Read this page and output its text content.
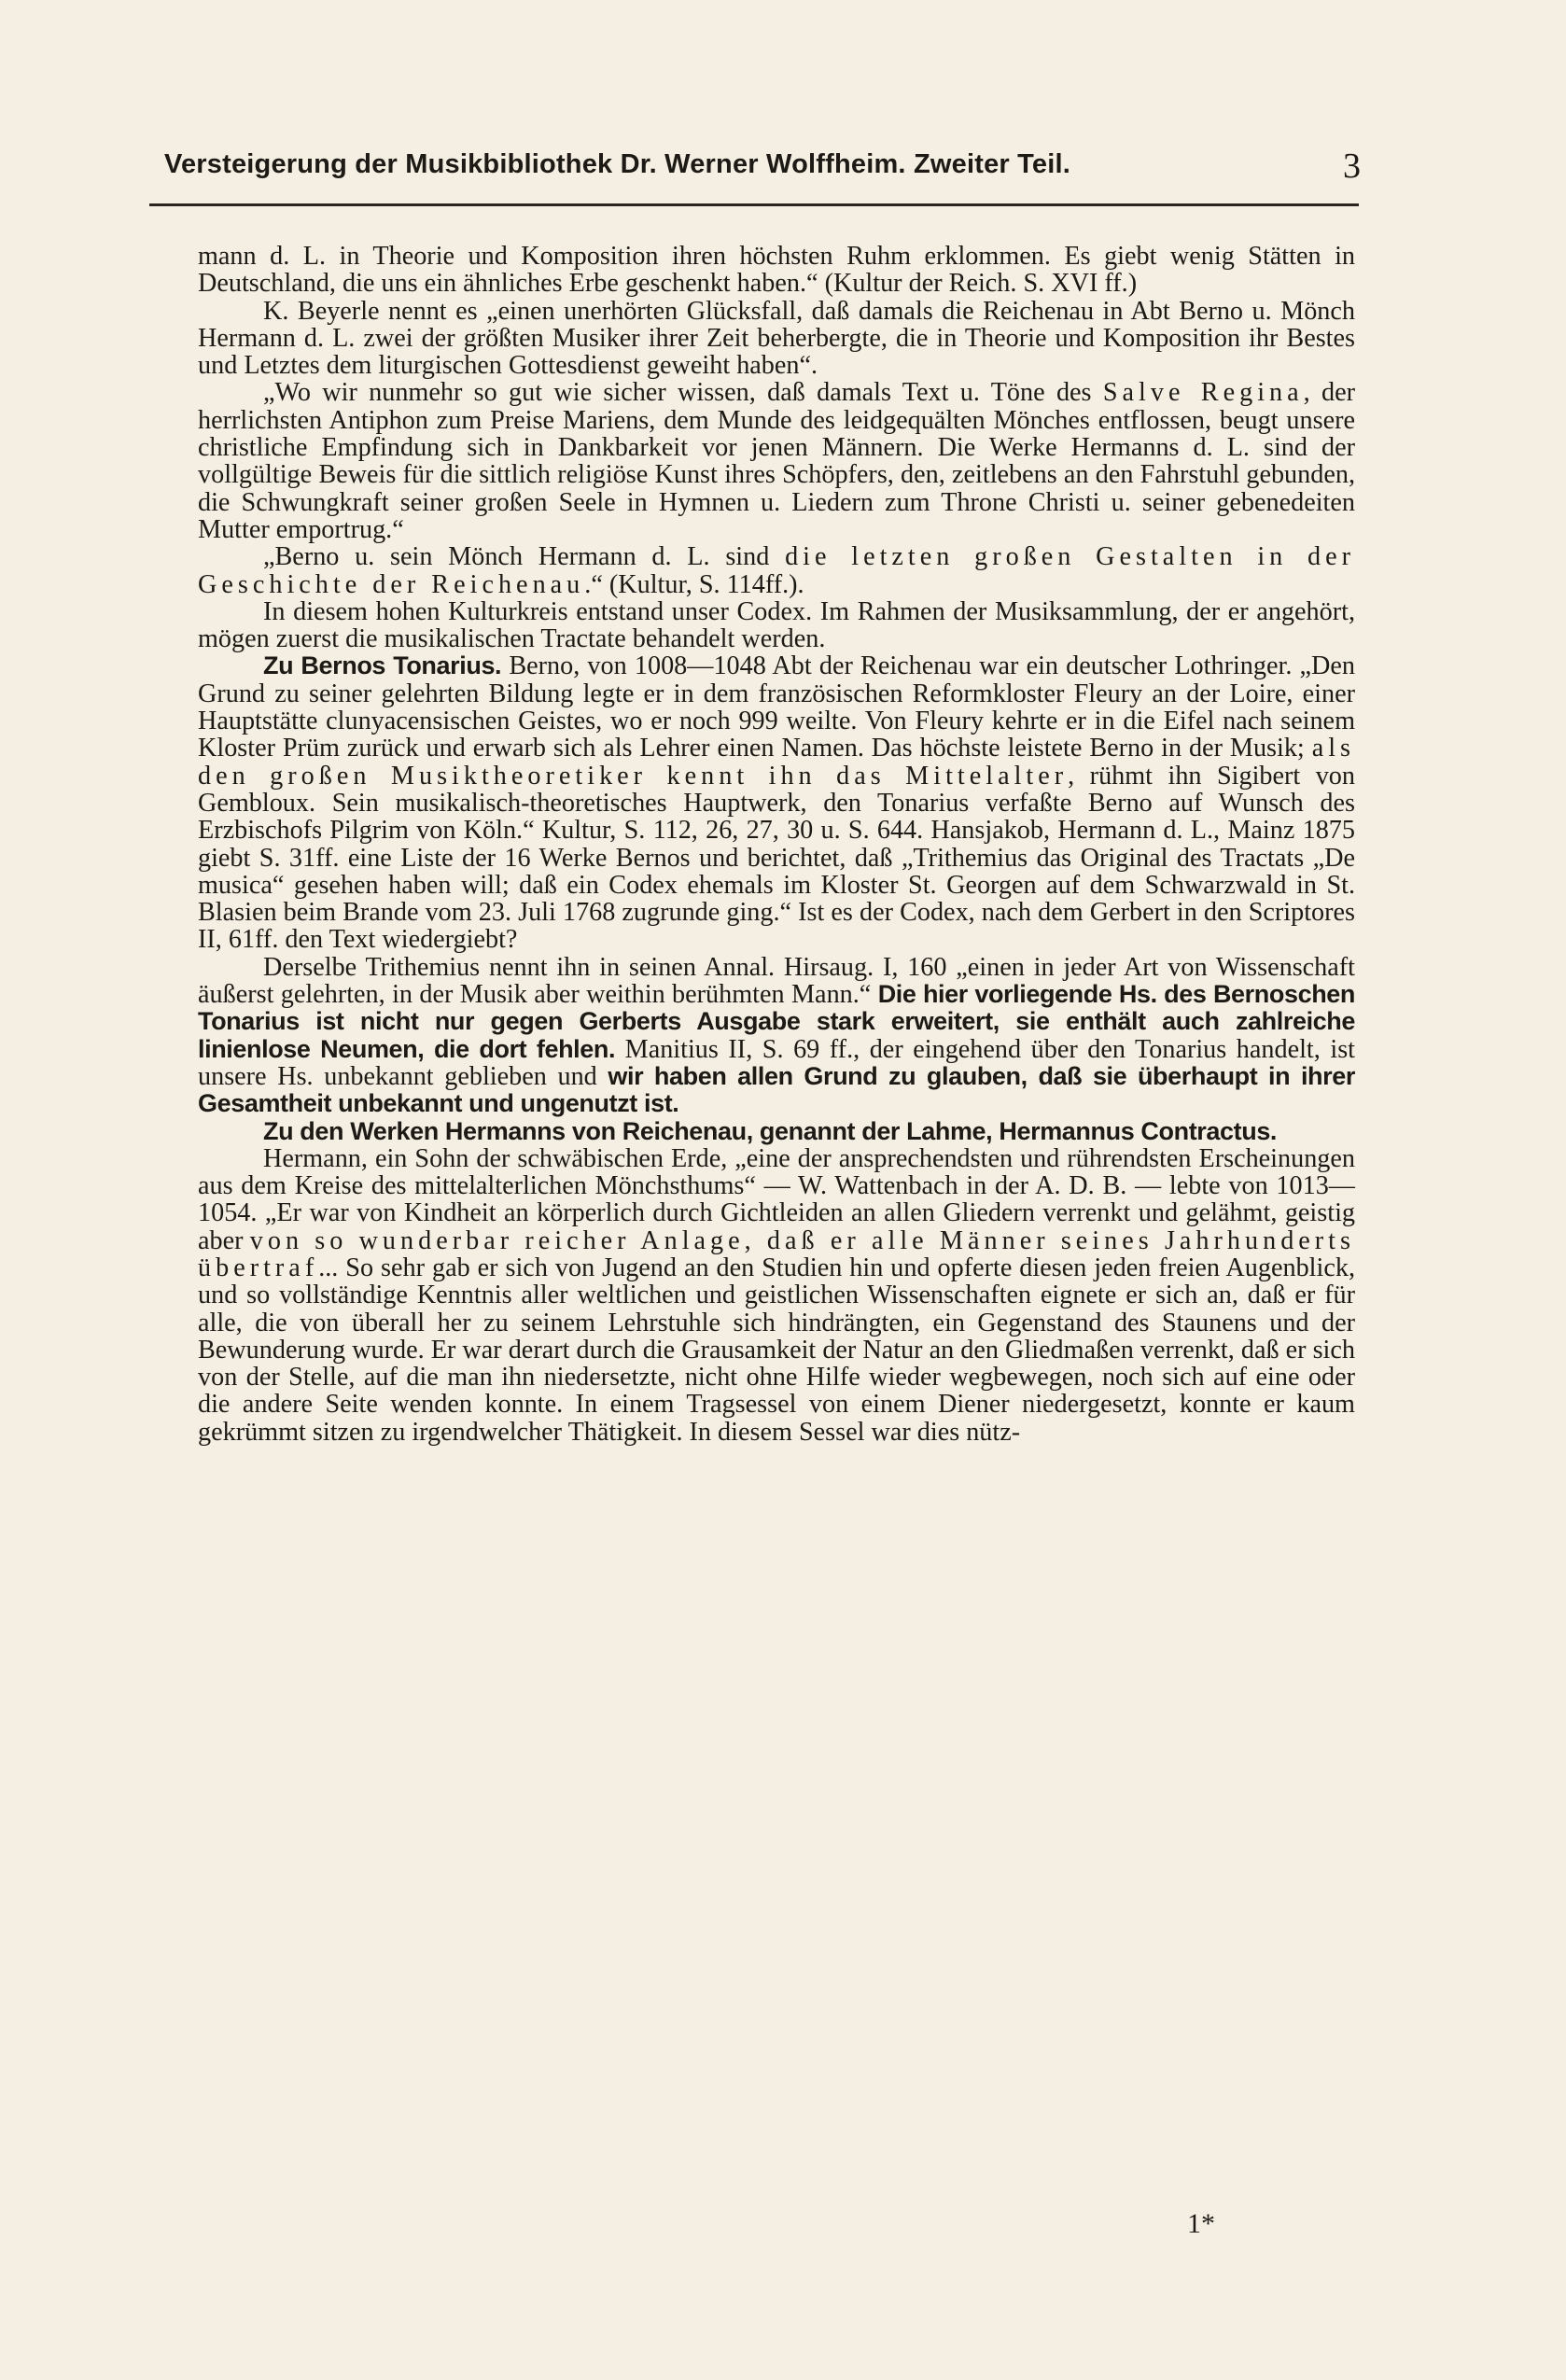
Versteigerung der Musikbibliothek Dr. Werner Wolffheim. Zweiter Teil.	3

mann d. L. in Theorie und Komposition ihren höchsten Ruhm erklommen. Es giebt wenig Stätten in Deutschland, die uns ein ähnliches Erbe geschenkt haben.“ (Kultur der Reich. S. XVI ff.)

K. Beyerle nennt es „einen unerhörten Glücksfall, daß damals die Reichenau in Abt Berno u. Mönch Hermann d. L. zwei der größten Musiker ihrer Zeit beherbergte, die in Theorie und Komposition ihr Bestes und Letztes dem liturgischen Gottesdienst geweiht haben“.

„Wo wir nunmehr so gut wie sicher wissen, daß damals Text u. Töne des Salve Regina, der herrlichsten Antiphon zum Preise Mariens, dem Munde des leidgequälten Mönches entflossen, beugt unsere christliche Empfindung sich in Dankbarkeit vor jenen Männern. Die Werke Hermanns d. L. sind der vollgültige Beweis für die sittlich religiöse Kunst ihres Schöpfers, den, zeitlebens an den Fahrstuhl gebunden, die Schwungkraft seiner großen Seele in Hymnen u. Liedern zum Throne Christi u. seiner gebenedeiten Mutter emportrug.“

„Berno u. sein Mönch Hermann d. L. sind die letzten großen Gestalten in der Geschichte der Reichenau.“ (Kultur, S. 114ff.).

In diesem hohen Kulturkreis entstand unser Codex. Im Rahmen der Musiksammlung, der er angehört, mögen zuerst die musikalischen Tractate behandelt werden.

Zu Bernos Tonarius. Berno, von 1008—1048 Abt der Reichenau war ein deutscher Lothringer. „Den Grund zu seiner gelehrten Bildung legte er in dem französischen Reformkloster Fleury an der Loire, einer Hauptstätte clunyacensischen Geistes, wo er noch 999 weilte. Von Fleury kehrte er in die Eifel nach seinem Kloster Prüm zurück und erwarb sich als Lehrer einen Namen. Das höchste leistete Berno in der Musik; als den großen Musiktheoretiker kennt ihn das Mittelalter, rühmt ihn Sigibert von Gembloux. Sein musikalisch-theoretisches Hauptwerk, den Tonarius verfaßte Berno auf Wunsch des Erzbischofs Pilgrim von Köln.“ Kultur, S. 112, 26, 27, 30 u. S. 644. Hansjakob, Hermann d. L., Mainz 1875 giebt S. 31ff. eine Liste der 16 Werke Bernos und berichtet, daß „Trithemius das Original des Tractats „De musica“ gesehen haben will; daß ein Codex ehemals im Kloster St. Georgen auf dem Schwarzwald in St. Blasien beim Brande vom 23. Juli 1768 zugrunde ging.“ Ist es der Codex, nach dem Gerbert in den Scriptores II, 61ff. den Text wiedergiebt?

Derselbe Trithemius nennt ihn in seinen Annal. Hirsaug. I, 160 „einen in jeder Art von Wissenschaft äußerst gelehrten, in der Musik aber weithin berühmten Mann.“ Die hier vorliegende Hs. des Bernoschen Tonarius ist nicht nur gegen Gerberts Ausgabe stark erweitert, sie enthält auch zahlreiche linienlose Neumen, die dort fehlen. Manitius II, S. 69 ff., der eingehend über den Tonarius handelt, ist unsere Hs. unbekannt geblieben und wir haben allen Grund zu glauben, daß sie überhaupt in ihrer Gesamtheit unbekannt und ungenutzt ist.

Zu den Werken Hermanns von Reichenau, genannt der Lahme, Hermannus Contractus.

Hermann, ein Sohn der schwäbischen Erde, „eine der ansprechendsten und rührendsten Erscheinungen aus dem Kreise des mittelalterlichen Mönchsthums“ — W. Wattenbach in der A. D. B. — lebte von 1013—1054. „Er war von Kindheit an körperlich durch Gichtleiden an allen Gliedern verrenkt und gelähmt, geistig aber von so wunderbar reicher Anlage, daß er alle Männer seines Jahrhunderts übertraf... So sehr gab er sich von Jugend an den Studien hin und opferte diesen jeden freien Augenblick, und so vollständige Kenntnis aller weltlichen und geistlichen Wissenschaften eignete er sich an, daß er für alle, die von überall her zu seinem Lehrstuhle sich hindrängten, ein Gegenstand des Staunens und der Bewunderung wurde. Er war derart durch die Grausamkeit der Natur an den Gliedmaßen verrenkt, daß er sich von der Stelle, auf die man ihn niedersetzte, nicht ohne Hilfe wieder wegbewegen, noch sich auf eine oder die andere Seite wenden konnte. In einem Tragsessel von einem Diener niedergesetzt, konnte er kaum gekrümmt sitzen zu irgendwelcher Thätigkeit. In diesem Sessel war dies nütz-

1*
